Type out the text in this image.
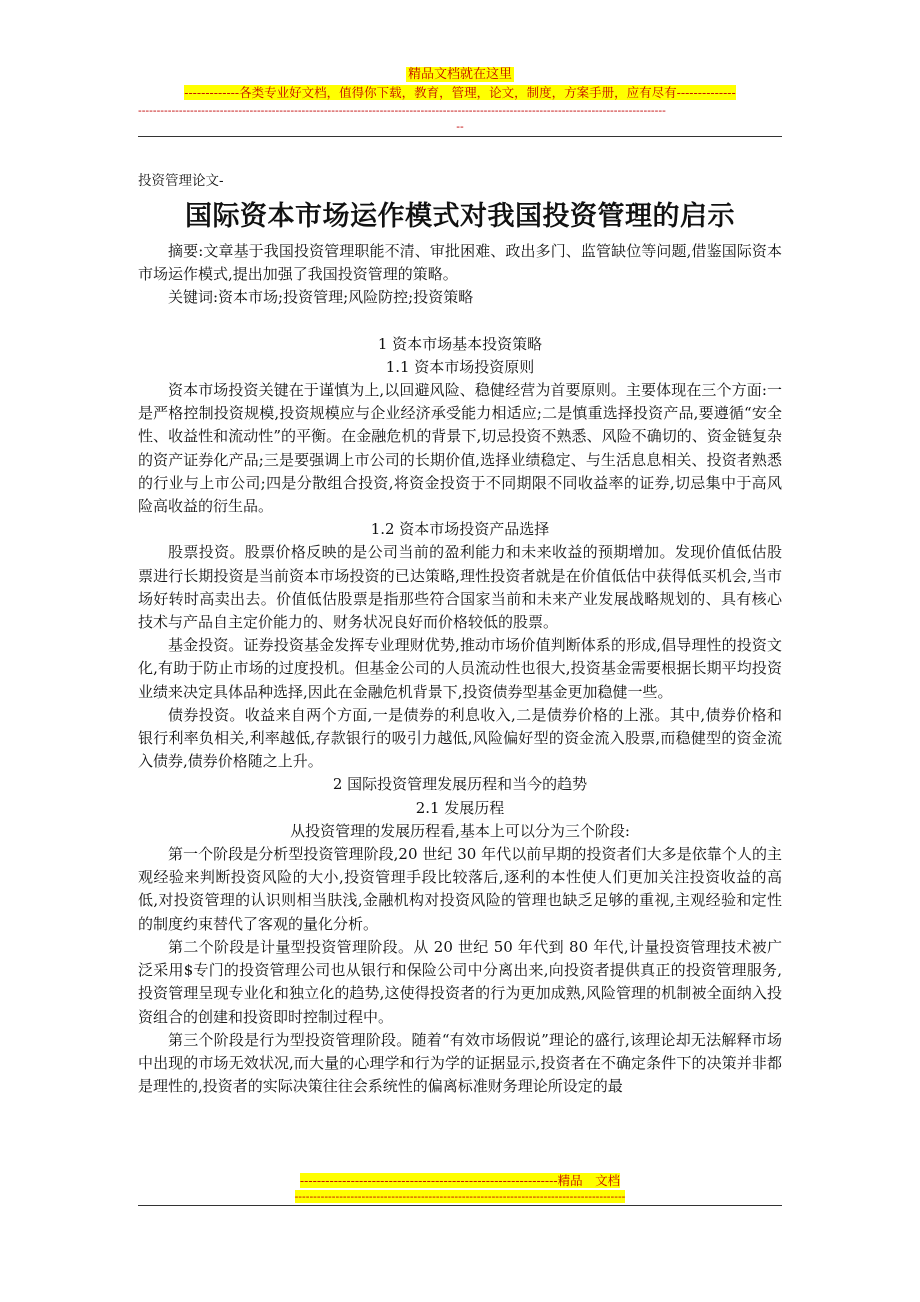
精品文档就在这里
-------------各类专业好文档，值得你下载，教育，管理，论文，制度，方案手册，应有尽有--------------
----------------------------------------------------------------------------------------------------------------------------------------------
--
投资管理论文-
国际资本市场运作模式对我国投资管理的启示

摘要:文章基于我国投资管理职能不清、审批困难、政出多门、监管缺位等问题,借鉴国际资本市场运作模式,提出加强了我国投资管理的策略。

关键词:资本市场;投资管理;风险防控;投资策略

1 资本市场基本投资策略

1.1 资本市场投资原则

资本市场投资关键在于谨慎为上,以回避风险、稳健经营为首要原则。主要体现在三个方面:一是严格控制投资规模,投资规模应与企业经济承受能力相适应;二是慎重选择投资产品,要遵循“安全性、收益性和流动性”的平衡。在金融危机的背景下,切忌投资不熟悉、风险不确切的、资金链复杂的资产证券化产品;三是要强调上市公司的长期价值,选择业绩稳定、与生活息息相关、投资者熟悉的行业与上市公司;四是分散组合投资,将资金投资于不同期限不同收益率的证券,切忌集中于高风险高收益的衍生品。

1.2 资本市场投资产品选择

股票投资。股票价格反映的是公司当前的盈利能力和未来收益的预期增加。发现价值低估股票进行长期投资是当前资本市场投资的已达策略,理性投资者就是在价值低估中获得低买机会,当市场好转时高卖出去。价值低估股票是指那些符合国家当前和未来产业发展战略规划的、具有核心技术与产品自主定价能力的、财务状况良好而价格较低的股票。

基金投资。证券投资基金发挥专业理财优势,推动市场价值判断体系的形成,倡导理性的投资文化,有助于防止市场的过度投机。但基金公司的人员流动性也很大,投资基金需要根据长期平均投资业绩来决定具体品种选择,因此在金融危机背景下,投资债券型基金更加稳健一些。

债券投资。收益来自两个方面,一是债券的利息收入,二是债券价格的上涨。其中,债券价格和银行利率负相关,利率越低,存款银行的吸引力越低,风险偏好型的资金流入股票,而稳健型的资金流入债券,债券价格随之上升。

2 国际投资管理发展历程和当今的趋势

2.1 发展历程

从投资管理的发展历程看,基本上可以分为三个阶段:

第一个阶段是分析型投资管理阶段,20 世纪 30 年代以前早期的投资者们大多是依靠个人的主观经验来判断投资风险的大小,投资管理手段比较落后,逐利的本性使人们更加关注投资收益的高低,对投资管理的认识则相当肤浅,金融机构对投资风险的管理也缺乏足够的重视,主观经验和定性的制度约束替代了客观的量化分析。

第二个阶段是计量型投资管理阶段。从 20 世纪 50 年代到 80 年代,计量投资管理技术被广泛采用$专门的投资管理公司也从银行和保险公司中分离出来,向投资者提供真正的投资管理服务,投资管理呈现专业化和独立化的趋势,这使得投资者的行为更加成熟,风险管理的机制被全面纳入投资组合的创建和投资即时控制过程中。

第三个阶段是行为型投资管理阶段。随着“有效市场假说”理论的盛行,该理论却无法解释市场中出现的市场无效状况,而大量的心理学和行为学的证据显示,投资者在不确定条件下的决策并非都是理性的,投资者的实际决策往往会系统性的偏离标准财务理论所设定的最

-------------------------------------------------------------精品　文档
-----------------------------------------------------------------------------------------
